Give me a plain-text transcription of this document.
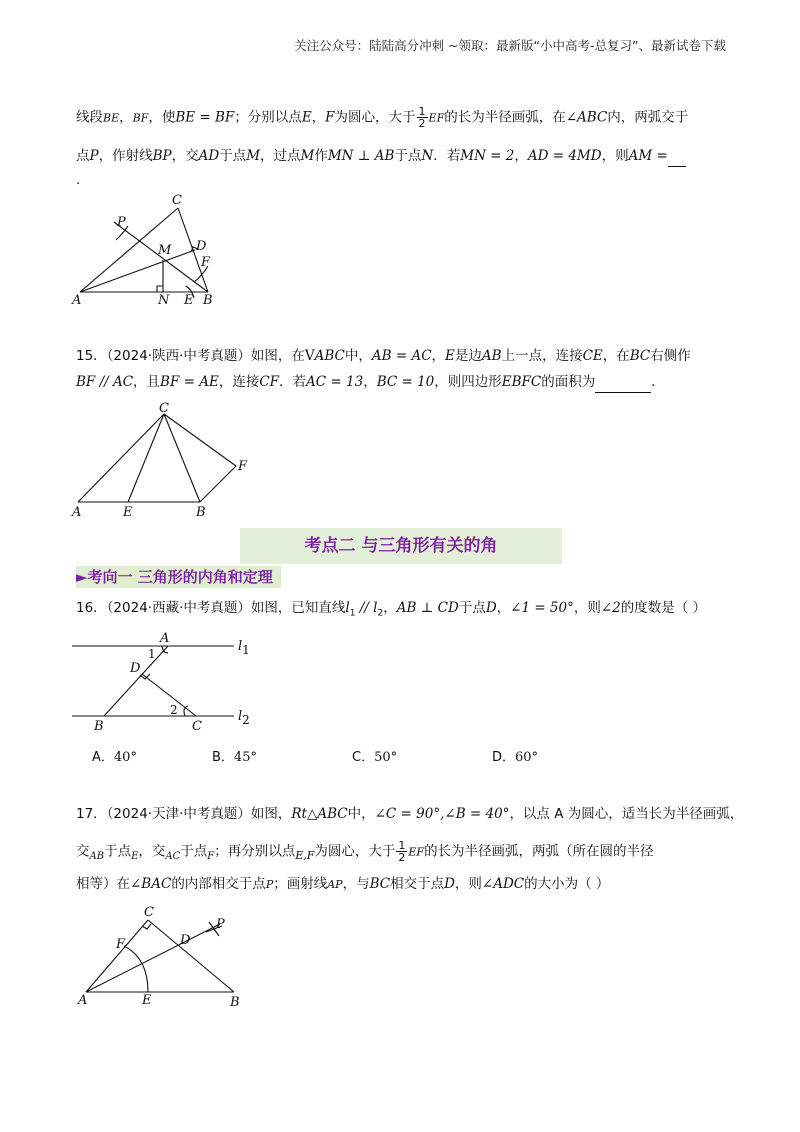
关注公众号：陆陆高分冲刺 ~领取：最新版“小中高考-总复习”、最新试卷下载
线段BE，BF，使BE = BF；分别以点E，F为圆心，大于 $\frac{1}{2}$ EF的长为半径画弧，在∠ABC内，两弧交于
点P，作射线BP，交AD于点M，过点M作MN ⊥ AB于点N．若MN = 2，AD = 4MD，则AM =
.
C
P
M D
F
A	N E B
15．（2024·陕西·中考真题）如图，在VABC中，AB = AC，E是边AB上一点，连接CE，在BC右侧作
BF // AC，且BF = AE，连接CF．若AC = 13，BC = 10，则四边形EBFC的面积为	．
C
F
A	E	B
考点二 与三角形有关的角
►考向一 三角形的内角和定理
16．（2024·西藏·中考真题）如图，已知直线$l_1 // l_2$，AB ⊥ CD于点D，∠1 = 50°，则∠2的度数是（ ）
A
1
D
2
B	C
l1
l2
A．40°	B．45°	C．50°	D．60°
17．（2024·天津·中考真题）如图，Rt△ABC中，∠C = 90°,∠B = 40°，以点 A 为圆心，适当长为半径画弧，
交$_{AB}$于点$_E$，交$_{AC}$于点$_F$；再分别以点$_{E,F}$为圆心，大于 $\frac{1}{2}$ EF的长为半径画弧，两弧（所在圆的半径
相等）在∠BAC的内部相交于点P；画射线AP，与BC相交于点D，则∠ADC的大小为（ ）
C
P
F	D
A	E	B
